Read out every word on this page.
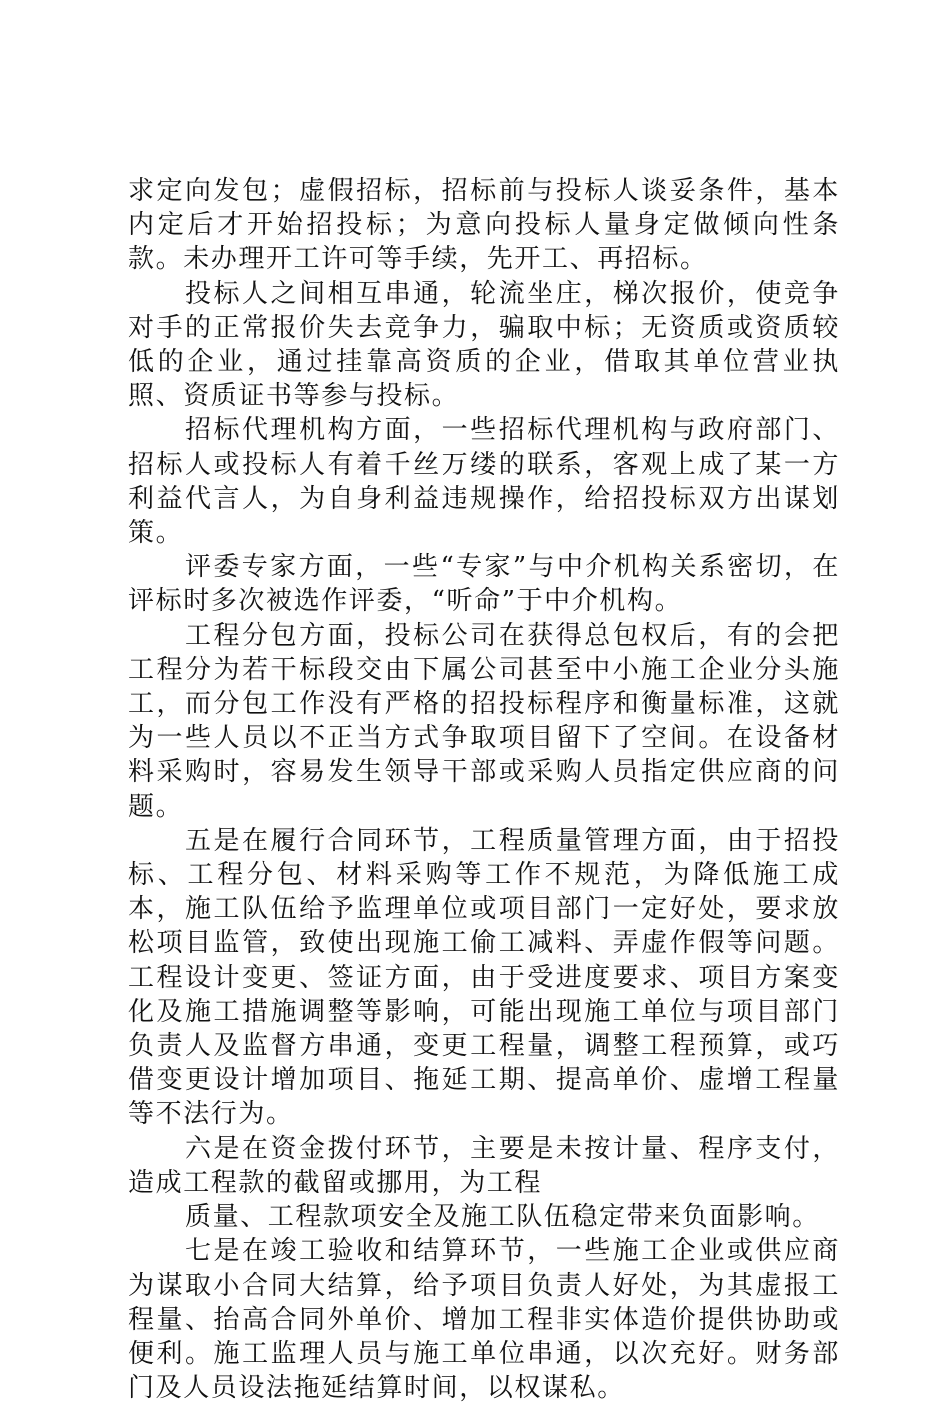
求定向发包；虚假招标，招标前与投标人谈妥条件，基本内定后才开始招投标；为意向投标人量身定做倾向性条款。未办理开工许可等手续，先开工、再招标。

投标人之间相互串通，轮流坐庄，梯次报价，使竞争对手的正常报价失去竞争力，骗取中标；无资质或资质较低的企业，通过挂靠高资质的企业，借取其单位营业执照、资质证书等参与投标。

招标代理机构方面，一些招标代理机构与政府部门、招标人或投标人有着千丝万缕的联系，客观上成了某一方利益代言人，为自身利益违规操作，给招投标双方出谋划策。

评委专家方面，一些“专家”与中介机构关系密切，在评标时多次被选作评委，“听命”于中介机构。

工程分包方面，投标公司在获得总包权后，有的会把工程分为若干标段交由下属公司甚至中小施工企业分头施工，而分包工作没有严格的招投标程序和衡量标准，这就为一些人员以不正当方式争取项目留下了空间。在设备材料采购时，容易发生领导干部或采购人员指定供应商的问题。

五是在履行合同环节，工程质量管理方面，由于招投标、工程分包、材料采购等工作不规范，为降低施工成本，施工队伍给予监理单位或项目部门一定好处，要求放松项目监管，致使出现施工偷工减料、弄虚作假等问题。工程设计变更、签证方面，由于受进度要求、项目方案变化及施工措施调整等影响，可能出现施工单位与项目部门负责人及监督方串通，变更工程量，调整工程预算，或巧借变更设计增加项目、拖延工期、提高单价、虚增工程量等不法行为。

六是在资金拨付环节，主要是未按计量、程序支付，造成工程款的截留或挪用，为工程

质量、工程款项安全及施工队伍稳定带来负面影响。

七是在竣工验收和结算环节，一些施工企业或供应商为谋取小合同大结算，给予项目负责人好处，为其虚报工程量、抬高合同外单价、增加工程非实体造价提供协助或便利。施工监理人员与施工单位串通，以次充好。财务部门及人员设法拖延结算时间，以权谋私。
